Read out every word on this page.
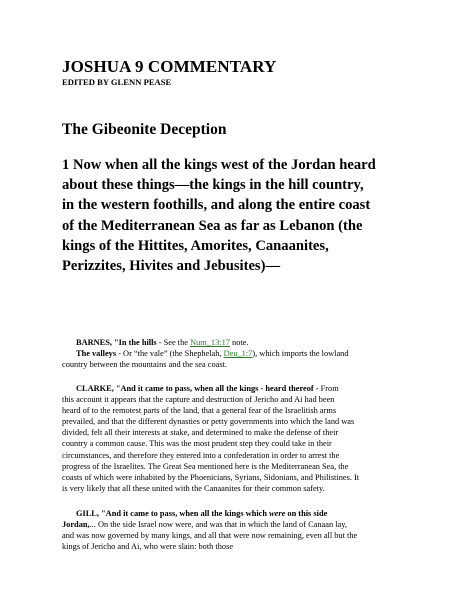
JOSHUA 9 COMMENTARY
EDITED BY GLENN PEASE
The Gibeonite Deception
1 Now when all the kings west of the Jordan heard
about these things—the kings in the hill country,
in the western foothills, and along the entire coast
of the Mediterranean Sea as far as Lebanon (the
kings of the Hittites, Amorites, Canaanites,
Perizzites, Hivites and Jebusites)—
BARNES, "In the hills - See the Num_13:17 note.
The valleys - Or “the vale” (the Shephelah, Deu_1:7), which imports the lowland
country between the mountains and the sea coast.
CLARKE, "And it came to pass, when all the kings - heard thereof - From
this account it appears that the capture and destruction of Jericho and Ai had been
heard of to the remotest parts of the land, that a general fear of the Israelitish arms
prevailed, and that the different dynasties or petty governments into which the land was
divided, felt all their interests at stake, and determined to make the defense of their
country a common cause. This was the most prudent step they could take in their
circumstances, and therefore they entered into a confederation in order to arrest the
progress of the Israelites. The Great Sea mentioned here is the Mediterranean Sea, the
coasts of which were inhabited by the Phoenicians, Syrians, Sidonians, and Philistines. It
is very likely that all these united with the Canaanites for their common safety.
GILL, "And it came to pass, when all the kings which were on this side
Jordan,... On the side Israel now were, and was that in which the land of Canaan lay,
and was now governed by many kings, and all that were now remaining, even all but the
kings of Jericho and Ai, who were slain: both those
